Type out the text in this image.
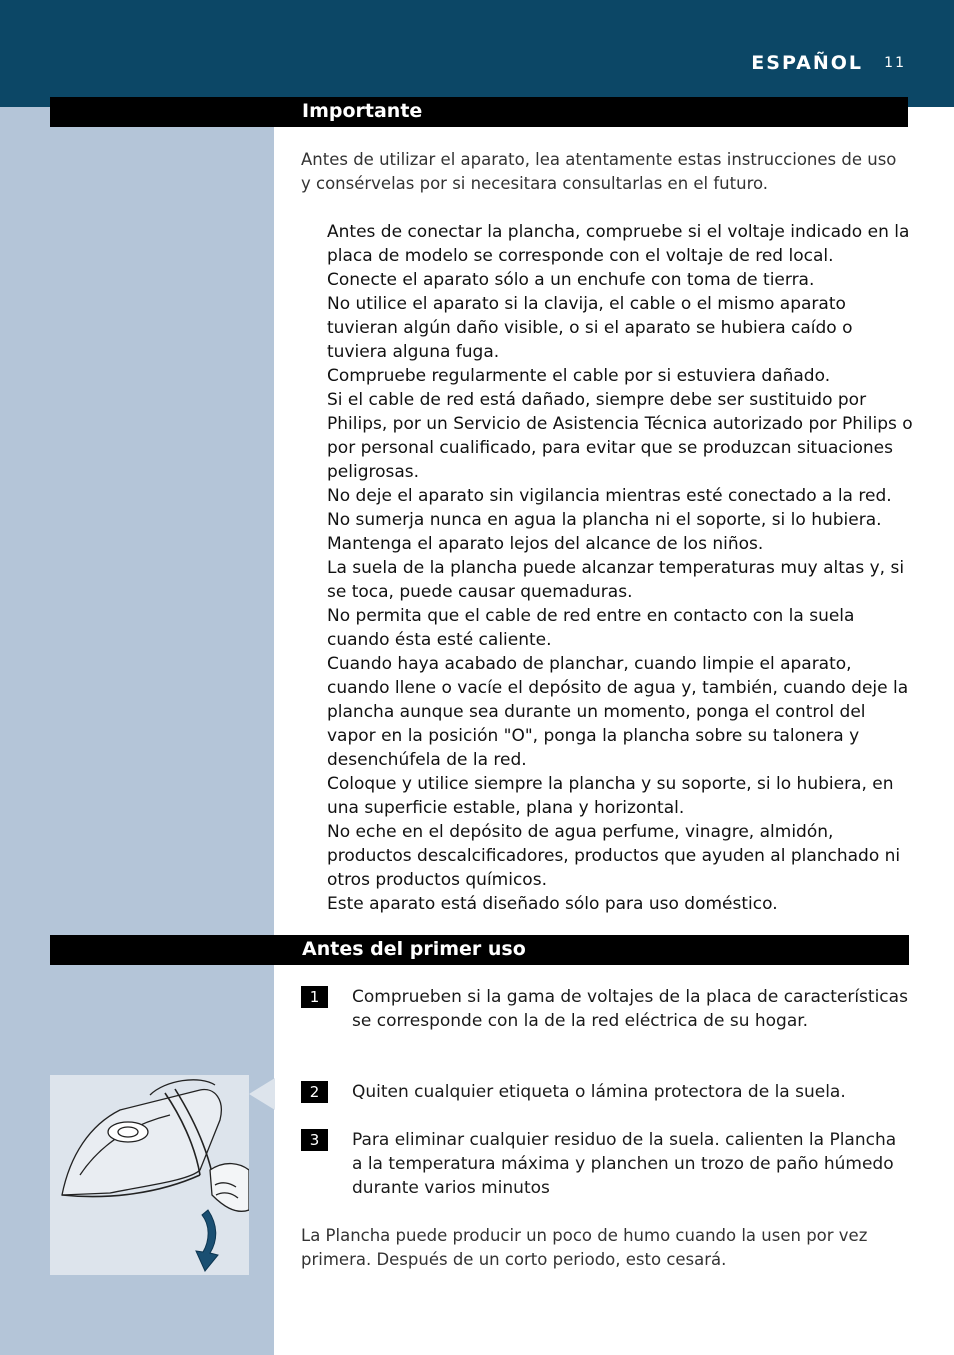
ESPAÑOL 11
Importante
Antes de utilizar el aparato, lea atentamente estas instrucciones de uso y consérvelas por si necesitara consultarlas en el futuro.

Antes de conectar la plancha, compruebe si el voltaje indicado en la placa de modelo se corresponde con el voltaje de red local.

Conecte el aparato sólo a un enchufe con toma de tierra.

No utilice el aparato si la clavija, el cable o el mismo aparato tuvieran algún daño visible, o si el aparato se hubiera caído o tuviera alguna fuga.

Compruebe regularmente el cable por si estuviera dañado.

Si el cable de red está dañado, siempre debe ser sustituido por Philips, por un Servicio de Asistencia Técnica autorizado por Philips o por personal cualificado, para evitar que se produzcan situaciones peligrosas.

No deje el aparato sin vigilancia mientras esté conectado a la red.

No sumerja nunca en agua la plancha ni el soporte, si lo hubiera.

Mantenga el aparato lejos del alcance de los niños.

La suela de la plancha puede alcanzar temperaturas muy altas y, si se toca, puede causar quemaduras.

No permita que el cable de red entre en contacto con la suela cuando ésta esté caliente.

Cuando haya acabado de planchar, cuando limpie el aparato, cuando llene o vacíe el depósito de agua y, también, cuando deje la plancha aunque sea durante un momento, ponga el control del vapor en la posición "O", ponga la plancha sobre su talonera y desenchúfela de la red.

Coloque y utilice siempre la plancha y su soporte, si lo hubiera, en una superficie estable, plana y horizontal.

No eche en el depósito de agua perfume, vinagre, almidón, productos descalcificadores, productos que ayuden al planchado ni otros productos químicos.

Este aparato está diseñado sólo para uso doméstico.

Antes del primer uso
1	Comprueben si la gama de voltajes de la placa de características se corresponde con la de la red eléctrica de su hogar.
2	Quiten cualquier etiqueta o lámina protectora de la suela.
3	Para eliminar cualquier residuo de la suela. calienten la Plancha a la temperatura máxima y planchen un trozo de paño húmedo durante varios minutos
La Plancha puede producir un poco de humo cuando la usen por vez primera. Después de un corto periodo, esto cesará.
